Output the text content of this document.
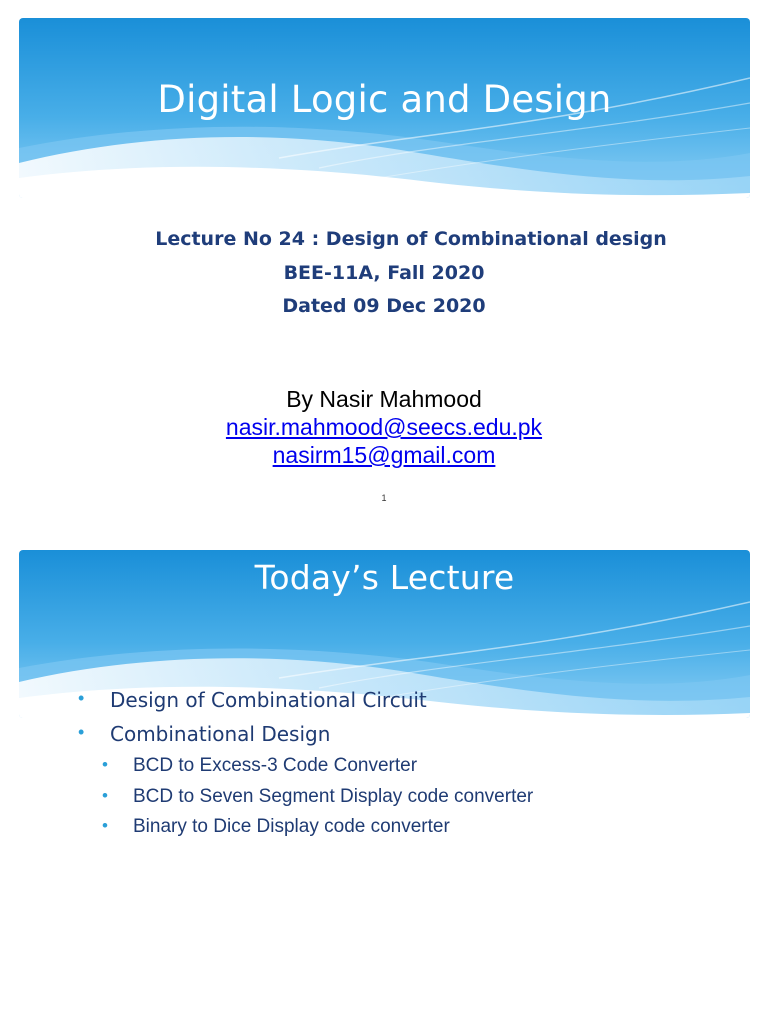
Digital Logic and Design
Lecture No 24 : Design of Combinational design
BEE-11A, Fall 2020
Dated 09 Dec 2020
By Nasir Mahmood
nasir.mahmood@seecs.edu.pk
nasirm15@gmail.com
1
Today’s Lecture
• Design of Combinational Circuit
• Combinational Design
• BCD to Excess-3 Code Converter
• BCD to Seven Segment Display code converter
• Binary to Dice Display code converter
